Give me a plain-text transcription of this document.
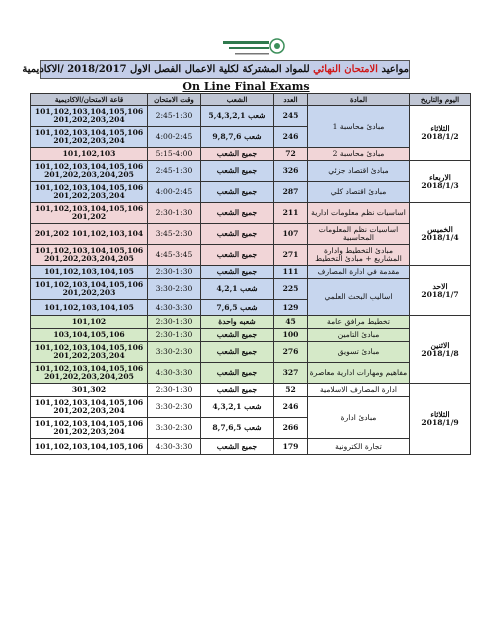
مواعيد الامتحان النهائي للمواد المشتركة لكلية الاعمال الفصل الاول 2018/2017 /الاكاديمية
On Line Final Exams
اليوم والتاريخ	المادة	العدد	الشعب	وقت الامتحان	قاعة الامتحان/الاكاديمية
الثلاثاء
2018/1/2	مبادئ محاسبة 1	245	شعب 5,4,3,2,1	2:45-1:30	101,102,103,104,105,106 201,202,203,204
		246	شعب 9,8,7,6	4:00-2:45	101,102,103,104,105,106 201,202,203,204
	مبادئ محاسبة 2	72	جميع الشعب	5:15-4:00	101,102,103
الاربعاء
2018/1/3	مبادئ اقتصاد جزئي	326	جميع الشعب	2:45-1:30	101,102,103,104,105,106 201,202,203,204,205
	مبادئ اقتصاد كلي	287	جميع الشعب	4:00-2:45	101,102,103,104,105,106 201,202,203,204
الخميس
2018/1/4	اساسيات نظم معلومات ادارية	211	جميع الشعب	2:30-1:30	101,102,103,104,105,106 201,202
	اساسيات نظم المعلومات المحاسبية	107	جميع الشعب	3:45-2:30	101,102,103,104 201,202
	مبادئ التخطيط وادارة المشاريع + مبادئ التخطيط	271	جميع الشعب	4:45-3:45	101,102,103,104,105,106 201,202,203,204,205
الاحد
2018/1/7	مقدمة في ادارة المصارف	111	جميع الشعب	2:30-1:30	101,102,103,104,105
	اساليب البحث العلمي	225	شعب 4,2,1	3:30-2:30	101,102,103,104,105,106 201,202,203
		129	شعب 7,6,5	4:30-3:30	101,102,103,104,105
الاثنين
2018/1/8	تخطيط مرافق عامة	45	شعبه واحدة	2:30-1:30	101,102
	مبادئ التامين	100	جميع الشعب	2:30-1:30	103,104,105,106
	مبادئ تسويق	276	جميع الشعب	3:30-2:30	101,102,103,104,105,106 201,202,203,204
	مفاهيم ومهارات ادارية معاصرة	327	جميع الشعب	4:30-3:30	101,102,103,104,105,106 201,202,203,204,205
الثلاثاء
2018/1/9	ادارة المصارف الاسلامية	52	جميع الشعب	2:30-1:30	301,302
	مبادئ ادارة	246	شعب 4,3,2,1	3:30-2:30	101,102,103,104,105,106 201,202,203,204
		266	شعب 8,7,6,5	3:30-2:30	101,102,103,104,105,106 201,202,203,204
	تجارة الكترونية	179	جميع الشعب	4:30-3:30	101,102,103,104,105,106
